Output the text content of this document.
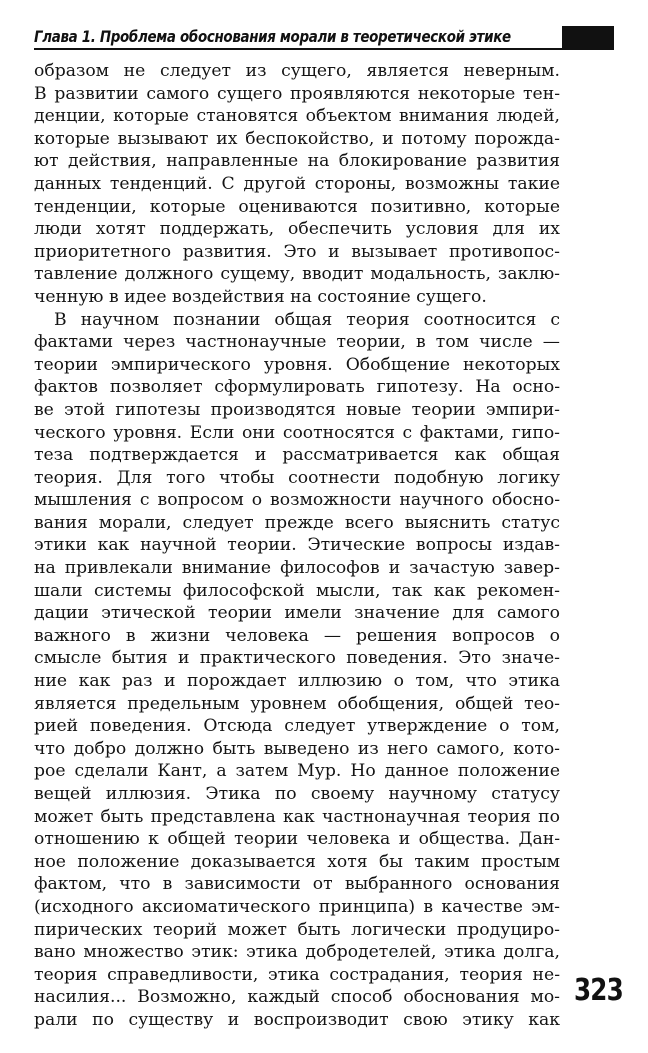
Глава 1. Проблема обоснования морали в теоретической этике
образом не следует из сущего, является неверным.
В развитии самого сущего проявляются некоторые тен-
денции, которые становятся объектом внимания людей,
которые вызывают их беспокойство, и потому порожда-
ют действия, направленные на блокирование развития
данных тенденций. С другой стороны, возможны такие
тенденции, которые оцениваются позитивно, которые
люди хотят поддержать, обеспечить условия для их
приоритетного развития. Это и вызывает противопос-
тавление должного сущему, вводит модальность, заклю-
ченную в идее воздействия на состояние сущего.
В научном познании общая теория соотносится с
фактами через частнонаучные теории, в том числе —
теории эмпирического уровня. Обобщение некоторых
фактов позволяет сформулировать гипотезу. На осно-
ве этой гипотезы производятся новые теории эмпири-
ческого уровня. Если они соотносятся с фактами, гипо-
теза подтверждается и рассматривается как общая
теория. Для того чтобы соотнести подобную логику
мышления с вопросом о возможности научного обосно-
вания морали, следует прежде всего выяснить статус
этики как научной теории. Этические вопросы издав-
на привлекали внимание философов и зачастую завер-
шали системы философской мысли, так как рекомен-
дации этической теории имели значение для самого
важного в жизни человека — решения вопросов о
смысле бытия и практического поведения. Это значе-
ние как раз и порождает иллюзию о том, что этика
является предельным уровнем обобщения, общей тео-
рией поведения. Отсюда следует утверждение о том,
что добро должно быть выведено из него самого, кото-
рое сделали Кант, а затем Мур. Но данное положение
вещей иллюзия. Этика по своему научному статусу
может быть представлена как частнонаучная теория по
отношению к общей теории человека и общества. Дан-
ное положение доказывается хотя бы таким простым
фактом, что в зависимости от выбранного основания
(исходного аксиоматического принципа) в качестве эм-
пирических теорий может быть логически продуциро-
вано множество этик: этика добродетелей, этика долга,
теория справедливости, этика сострадания, теория не-
насилия... Возможно, каждый способ обоснования мо-
рали по существу и воспроизводит свою этику как
323
